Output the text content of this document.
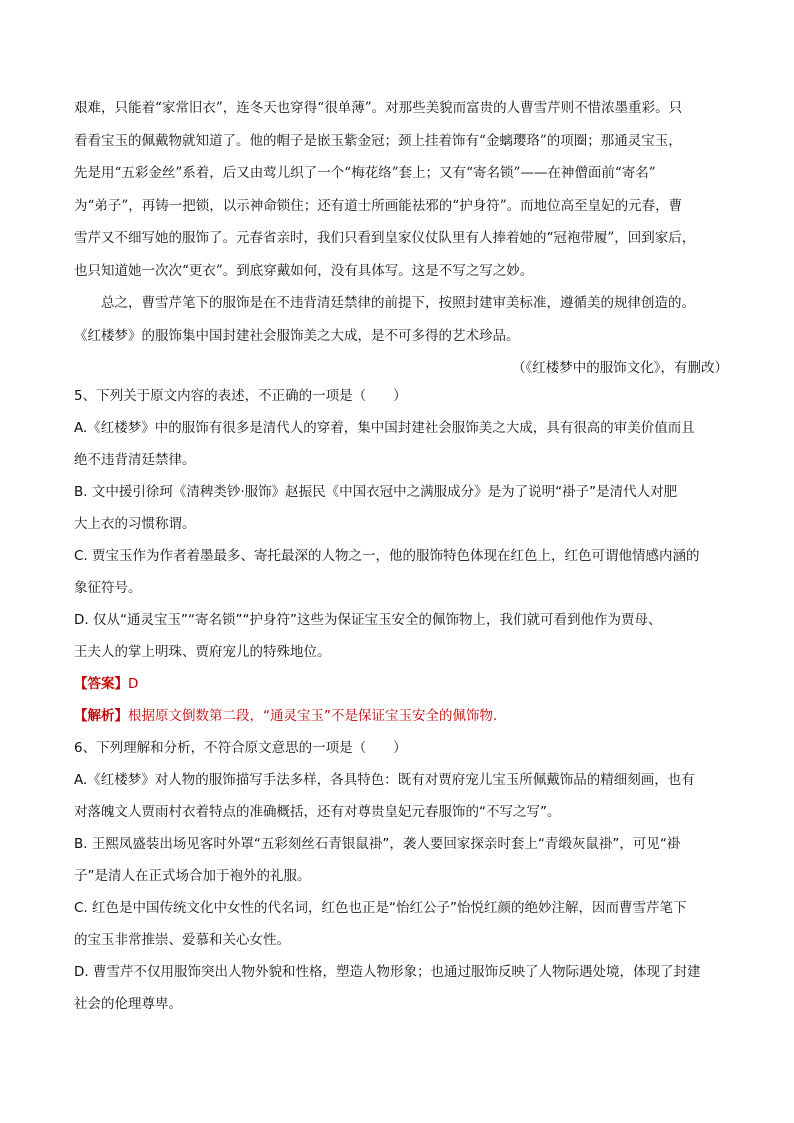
艰难，只能着“家常旧衣”，连冬天也穿得“很单薄”。对那些美貌而富贵的人曹雪芹则不惜浓墨重彩。只
看看宝玉的佩戴物就知道了。他的帽子是嵌玉紫金冠；颈上挂着饰有“金螭璎珞”的项圈；那通灵宝玉，
先是用“五彩金丝”系着，后又由莺儿织了一个“梅花络”套上；又有“寄名锁”——在神僧面前“寄名”
为“弟子”，再铸一把锁，以示神命锁住；还有道士所画能祛邪的“护身符”。而地位高至皇妃的元春，曹
雪芹又不细写她的服饰了。元春省亲时，我们只看到皇家仪仗队里有人捧着她的“冠袍带履”，回到家后，
也只知道她一次次“更衣”。到底穿戴如何，没有具体写。这是不写之写之妙。
总之，曹雪芹笔下的服饰是在不违背清廷禁律的前提下，按照封建审美标准，遵循美的规律创造的。
《红楼梦》的服饰集中国封建社会服饰美之大成，是不可多得的艺术珍品。
（《红楼梦中的服饰文化》，有删改）
5、下列关于原文内容的表述，不正确的一项是（　　）
A.《红楼梦》中的服饰有很多是清代人的穿着，集中国封建社会服饰美之大成，具有很高的审美价值而且
绝不违背清廷禁律。
B. 文中援引徐珂《清稗类钞·服饰》赵振民《中国衣冠中之满服成分》是为了说明“褂子”是清代人对肥
大上衣的习惯称谓。
C. 贾宝玉作为作者着墨最多、寄托最深的人物之一，他的服饰特色体现在红色上，红色可谓他情感内涵的
象征符号。
D. 仅从“通灵宝玉”“寄名锁”“护身符”这些为保证宝玉安全的佩饰物上，我们就可看到他作为贾母、
王夫人的掌上明珠、贾府宠儿的特殊地位。
【答案】D
【解析】根据原文倒数第二段，“通灵宝玉”不是保证宝玉安全的佩饰物.
6、下列理解和分析，不符合原文意思的一项是（　　）
A.《红楼梦》对人物的服饰描写手法多样，各具特色：既有对贾府宠儿宝玉所佩戴饰品的精细刻画，也有
对落魄文人贾雨村衣着特点的准确概括，还有对尊贵皇妃元春服饰的“不写之写”。
B. 王熙凤盛装出场见客时外罩“五彩刻丝石青银鼠褂”，袭人要回家探亲时套上“青缎灰鼠褂”，可见“褂
子”是清人在正式场合加于袍外的礼服。
C. 红色是中国传统文化中女性的代名词，红色也正是“怡红公子”怡悦红颜的绝妙注解，因而曹雪芹笔下
的宝玉非常推崇、爱慕和关心女性。
D. 曹雪芹不仅用服饰突出人物外貌和性格，塑造人物形象；也通过服饰反映了人物际遇处境，体现了封建
社会的伦理尊卑。
